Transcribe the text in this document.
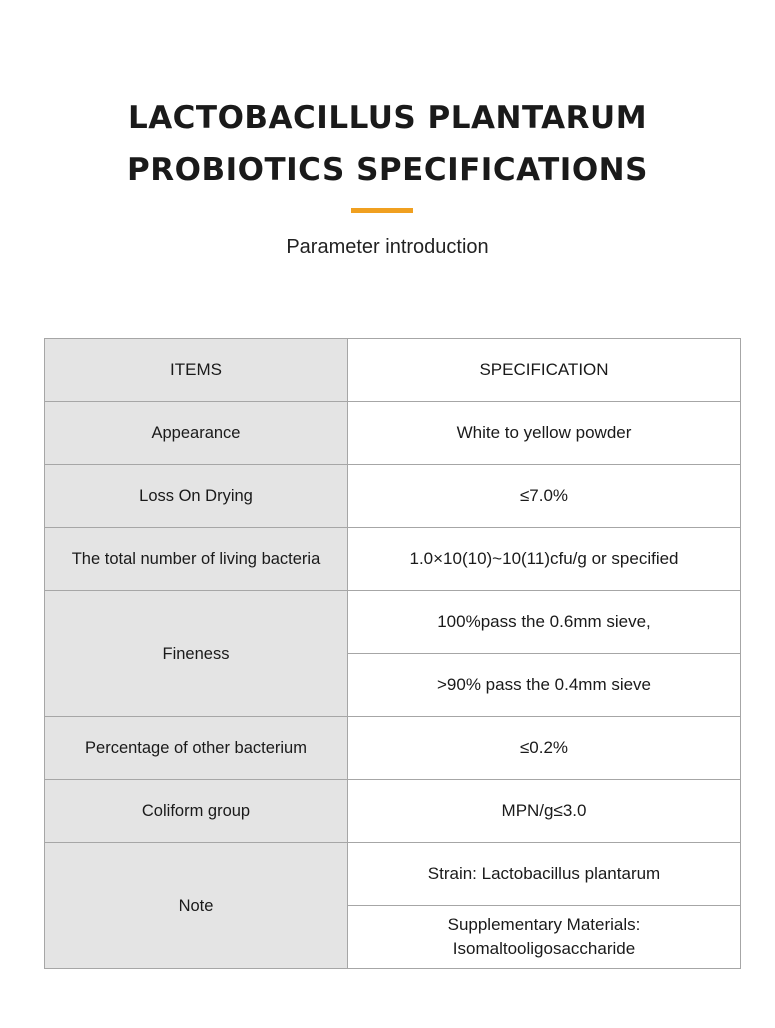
LACTOBACILLUS PLANTARUM
PROBIOTICS SPECIFICATIONS
Parameter introduction
ITEMS	SPECIFICATION
Appearance	White to yellow powder
Loss On Drying	≤7.0%
The total number of living bacteria	1.0×10(10)~10(11)cfu/g or specified
Fineness	100%pass the 0.6mm sieve,
	>90% pass the 0.4mm sieve
Percentage of other bacterium	≤0.2%
Coliform group	MPN/g≤3.0
Note	Strain: Lactobacillus plantarum

	Supplementary Materials:
Isomaltooligosaccharide
